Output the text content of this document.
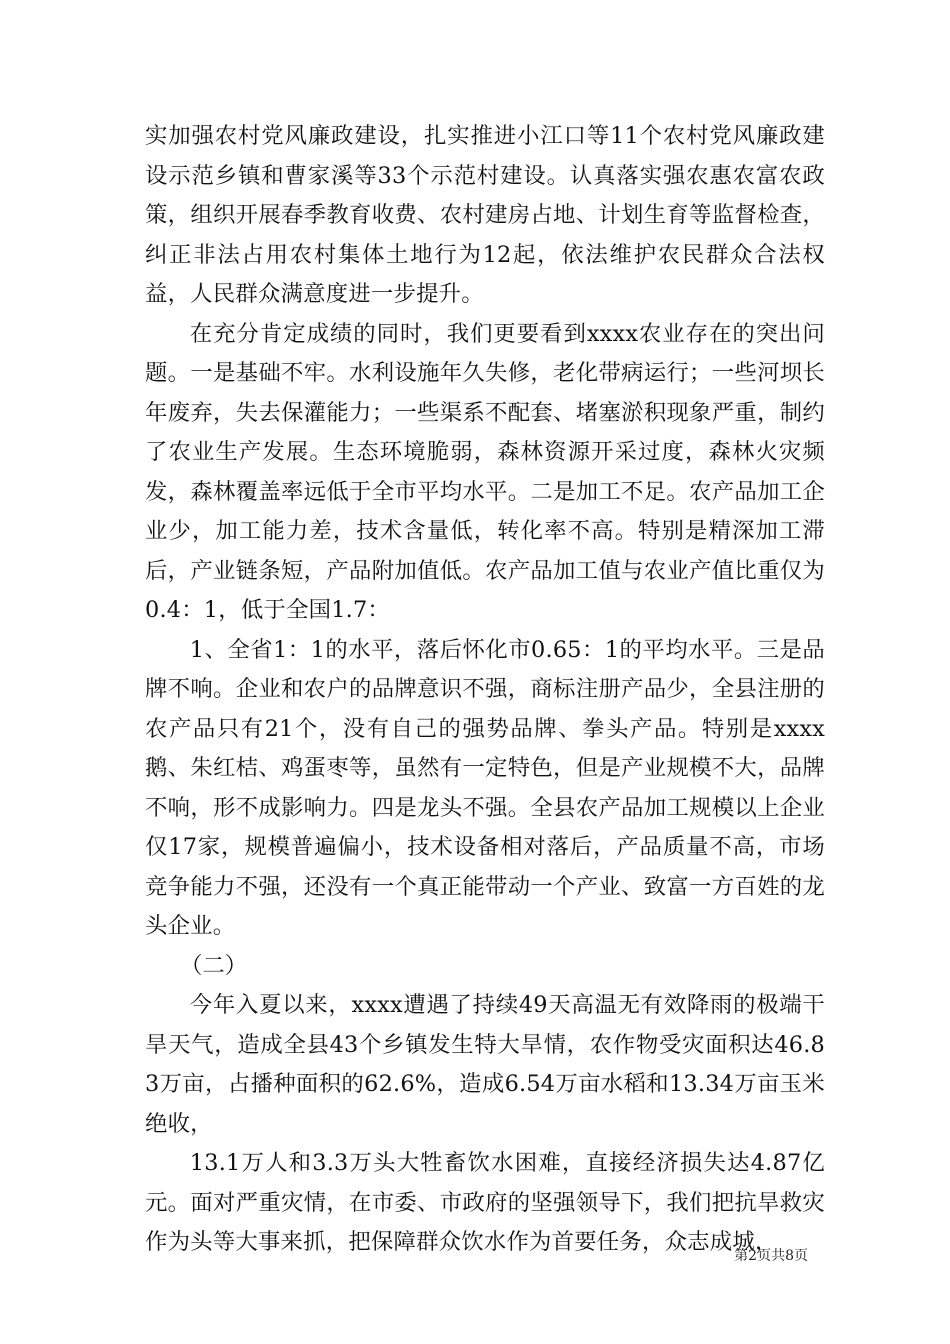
实加强农村党风廉政建设，扎实推进小江口等11个农村党风廉政建设示范乡镇和曹家溪等33个示范村建设。认真落实强农惠农富农政策，组织开展春季教育收费、农村建房占地、计划生育等监督检查，纠正非法占用农村集体土地行为12起，依法维护农民群众合法权益，人民群众满意度进一步提升。

在充分肯定成绩的同时，我们更要看到xxxx农业存在的突出问题。一是基础不牢。水利设施年久失修，老化带病运行；一些河坝长年废弃，失去保灌能力；一些渠系不配套、堵塞淤积现象严重，制约了农业生产发展。生态环境脆弱，森林资源开采过度，森林火灾频发，森林覆盖率远低于全市平均水平。二是加工不足。农产品加工企业少，加工能力差，技术含量低，转化率不高。特别是精深加工滞后，产业链条短，产品附加值低。农产品加工值与农业产值比重仅为0.4：1，低于全国1.7：

1、全省1：1的水平，落后怀化市0.65：1的平均水平。三是品牌不响。企业和农户的品牌意识不强，商标注册产品少，全县注册的农产品只有21个，没有自己的强势品牌、拳头产品。特别是xxxx鹅、朱红桔、鸡蛋枣等，虽然有一定特色，但是产业规模不大，品牌不响，形不成影响力。四是龙头不强。全县农产品加工规模以上企业仅17家，规模普遍偏小，技术设备相对落后，产品质量不高，市场竞争能力不强，还没有一个真正能带动一个产业、致富一方百姓的龙头企业。

（二）

今年入夏以来，xxxx遭遇了持续49天高温无有效降雨的极端干旱天气，造成全县43个乡镇发生特大旱情，农作物受灾面积达46.83万亩，占播种面积的62.6%，造成6.54万亩水稻和13.34万亩玉米绝收，

13.1万人和3.3万头大牲畜饮水困难，直接经济损失达4.87亿元。面对严重灾情，在市委、市政府的坚强领导下，我们把抗旱救灾作为头等大事来抓，把保障群众饮水作为首要任务，众志成城，

第2页共8页
